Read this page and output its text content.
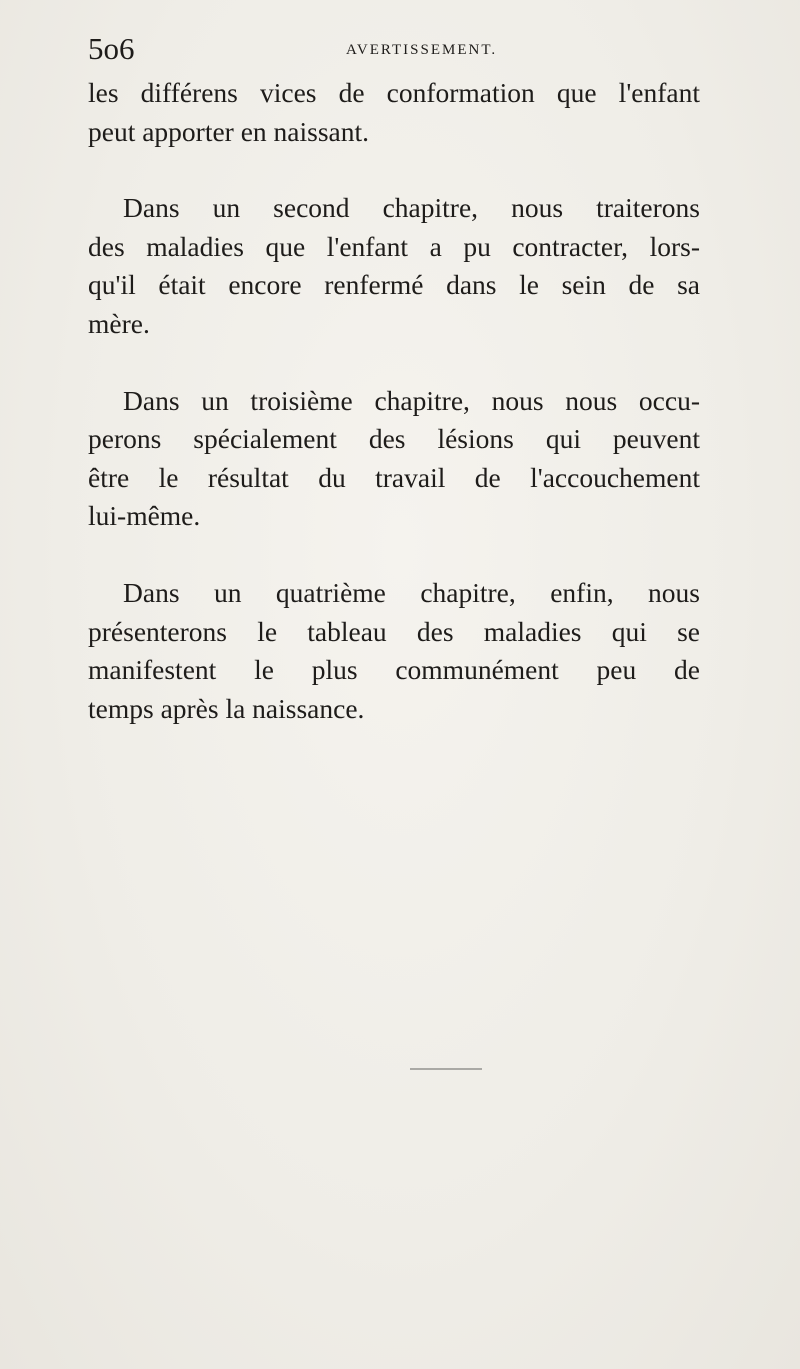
5o6	AVERTISSEMENT.

les différens vices de conformation que l'enfant
peut apporter en naissant.

Dans un second chapitre, nous traiterons
des maladies que l'enfant a pu contracter, lors-
qu'il était encore renfermé dans le sein de sa
mère.

Dans un troisième chapitre, nous nous occu-
perons spécialement des lésions qui peuvent
être le résultat du travail de l'accouchement
lui-même.

Dans un quatrième chapitre, enfin, nous
présenterons le tableau des maladies qui se
manifestent le plus communément peu de
temps après la naissance.
